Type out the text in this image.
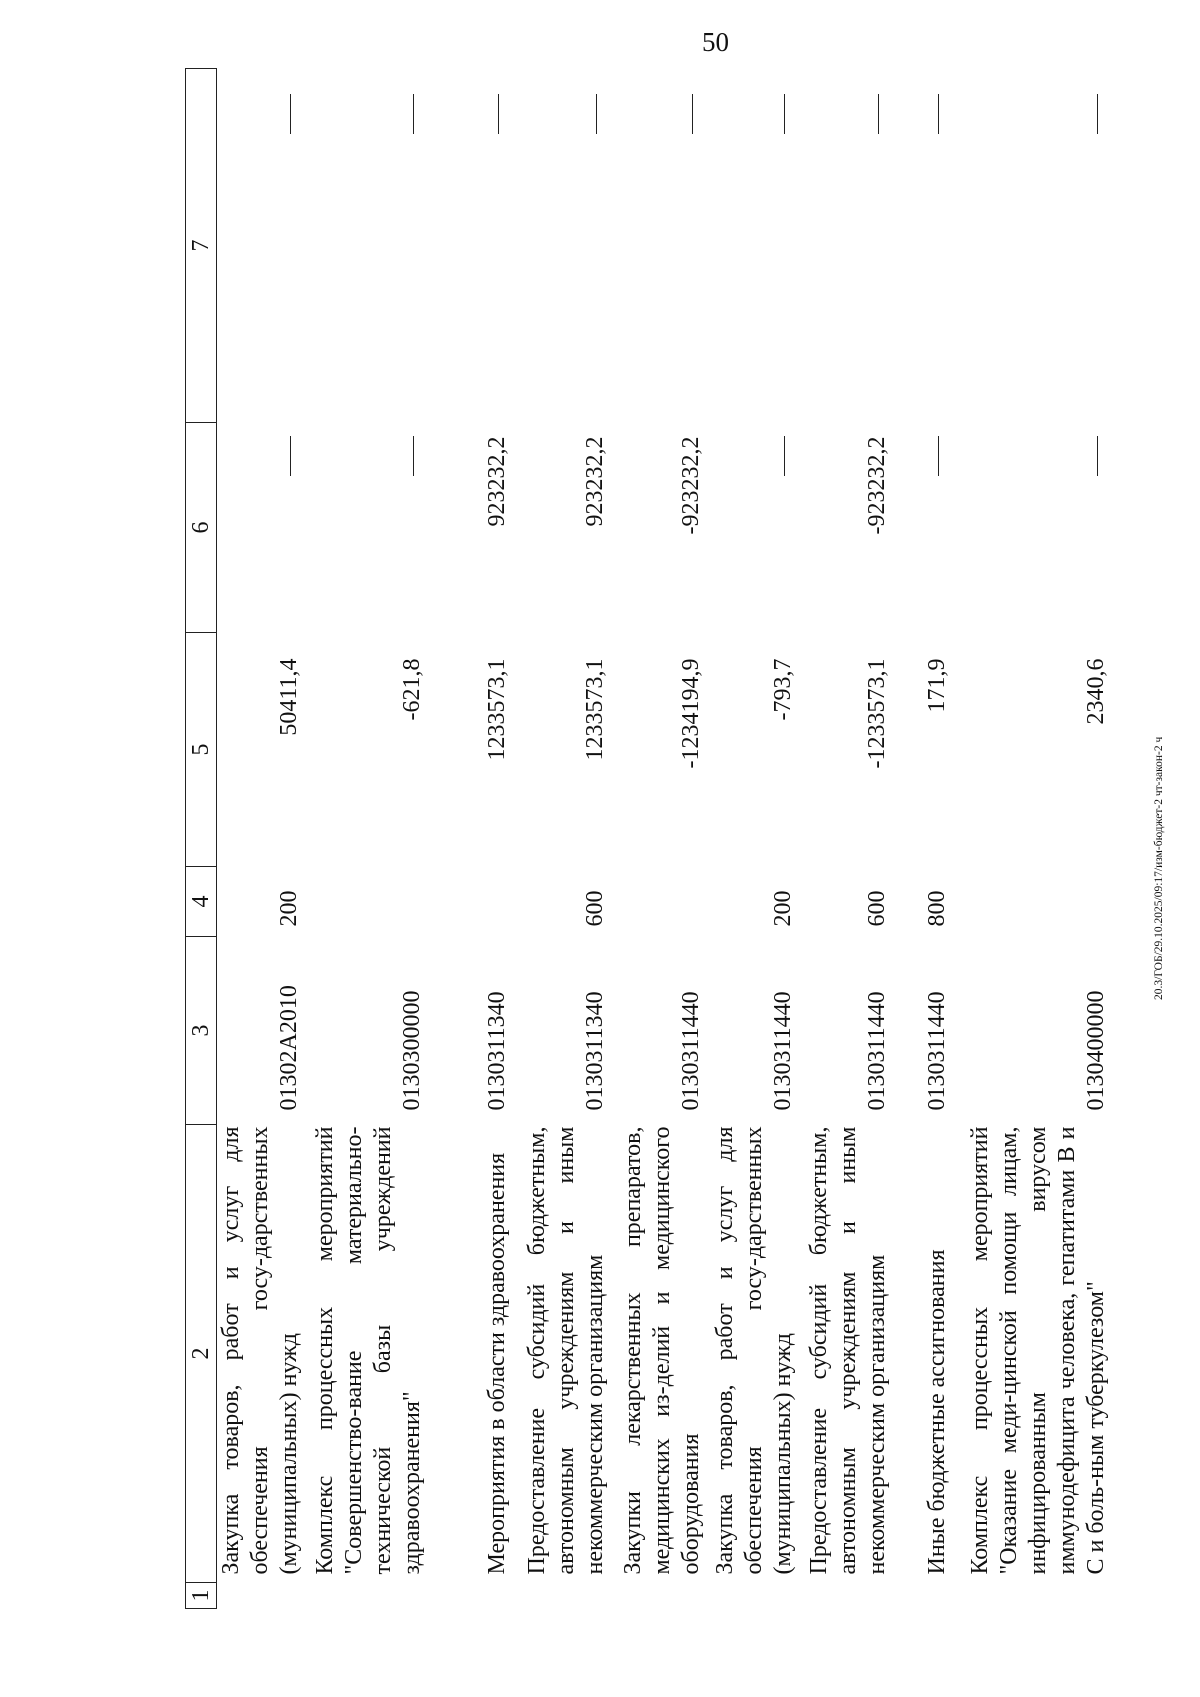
50
20.3/ГОБ/29.10.2025/09:17/изм-бюджет-2 чт-закон-2 ч
1	2	3	4	5	6	7
	Закупка товаров, работ и услуг для обеспечения госу-дарственных (муниципальных) нужд	01302А2010	200	50411,4		
	Комплекс процессных мероприятий "Совершенство-вание материально-технической базы учреждений здравоохранения"	0130300000		-621,8		
	Мероприятия в области здравоохранения	0130311340		1233573,1	923232,2	
	Предоставление субсидий бюджетным, автономным учреждениям и иным некоммерческим организациям	0130311340	600	1233573,1	923232,2	
	Закупки лекарственных препаратов, медицинских из-делий и медицинского оборудования	0130311440		-1234194,9	-923232,2	
	Закупка товаров, работ и услуг для обеспечения госу-дарственных (муниципальных) нужд	0130311440	200	-793,7		
	Предоставление субсидий бюджетным, автономным учреждениям и иным некоммерческим организациям	0130311440	600	-1233573,1	-923232,2	
	Иные бюджетные ассигнования	0130311440	800	171,9		
	Комплекс процессных мероприятий "Оказание меди-цинской помощи лицам, инфицированным вирусом иммунодефицита человека, гепатитами В и С и боль-ным туберкулезом"	0130400000		2340,6		
